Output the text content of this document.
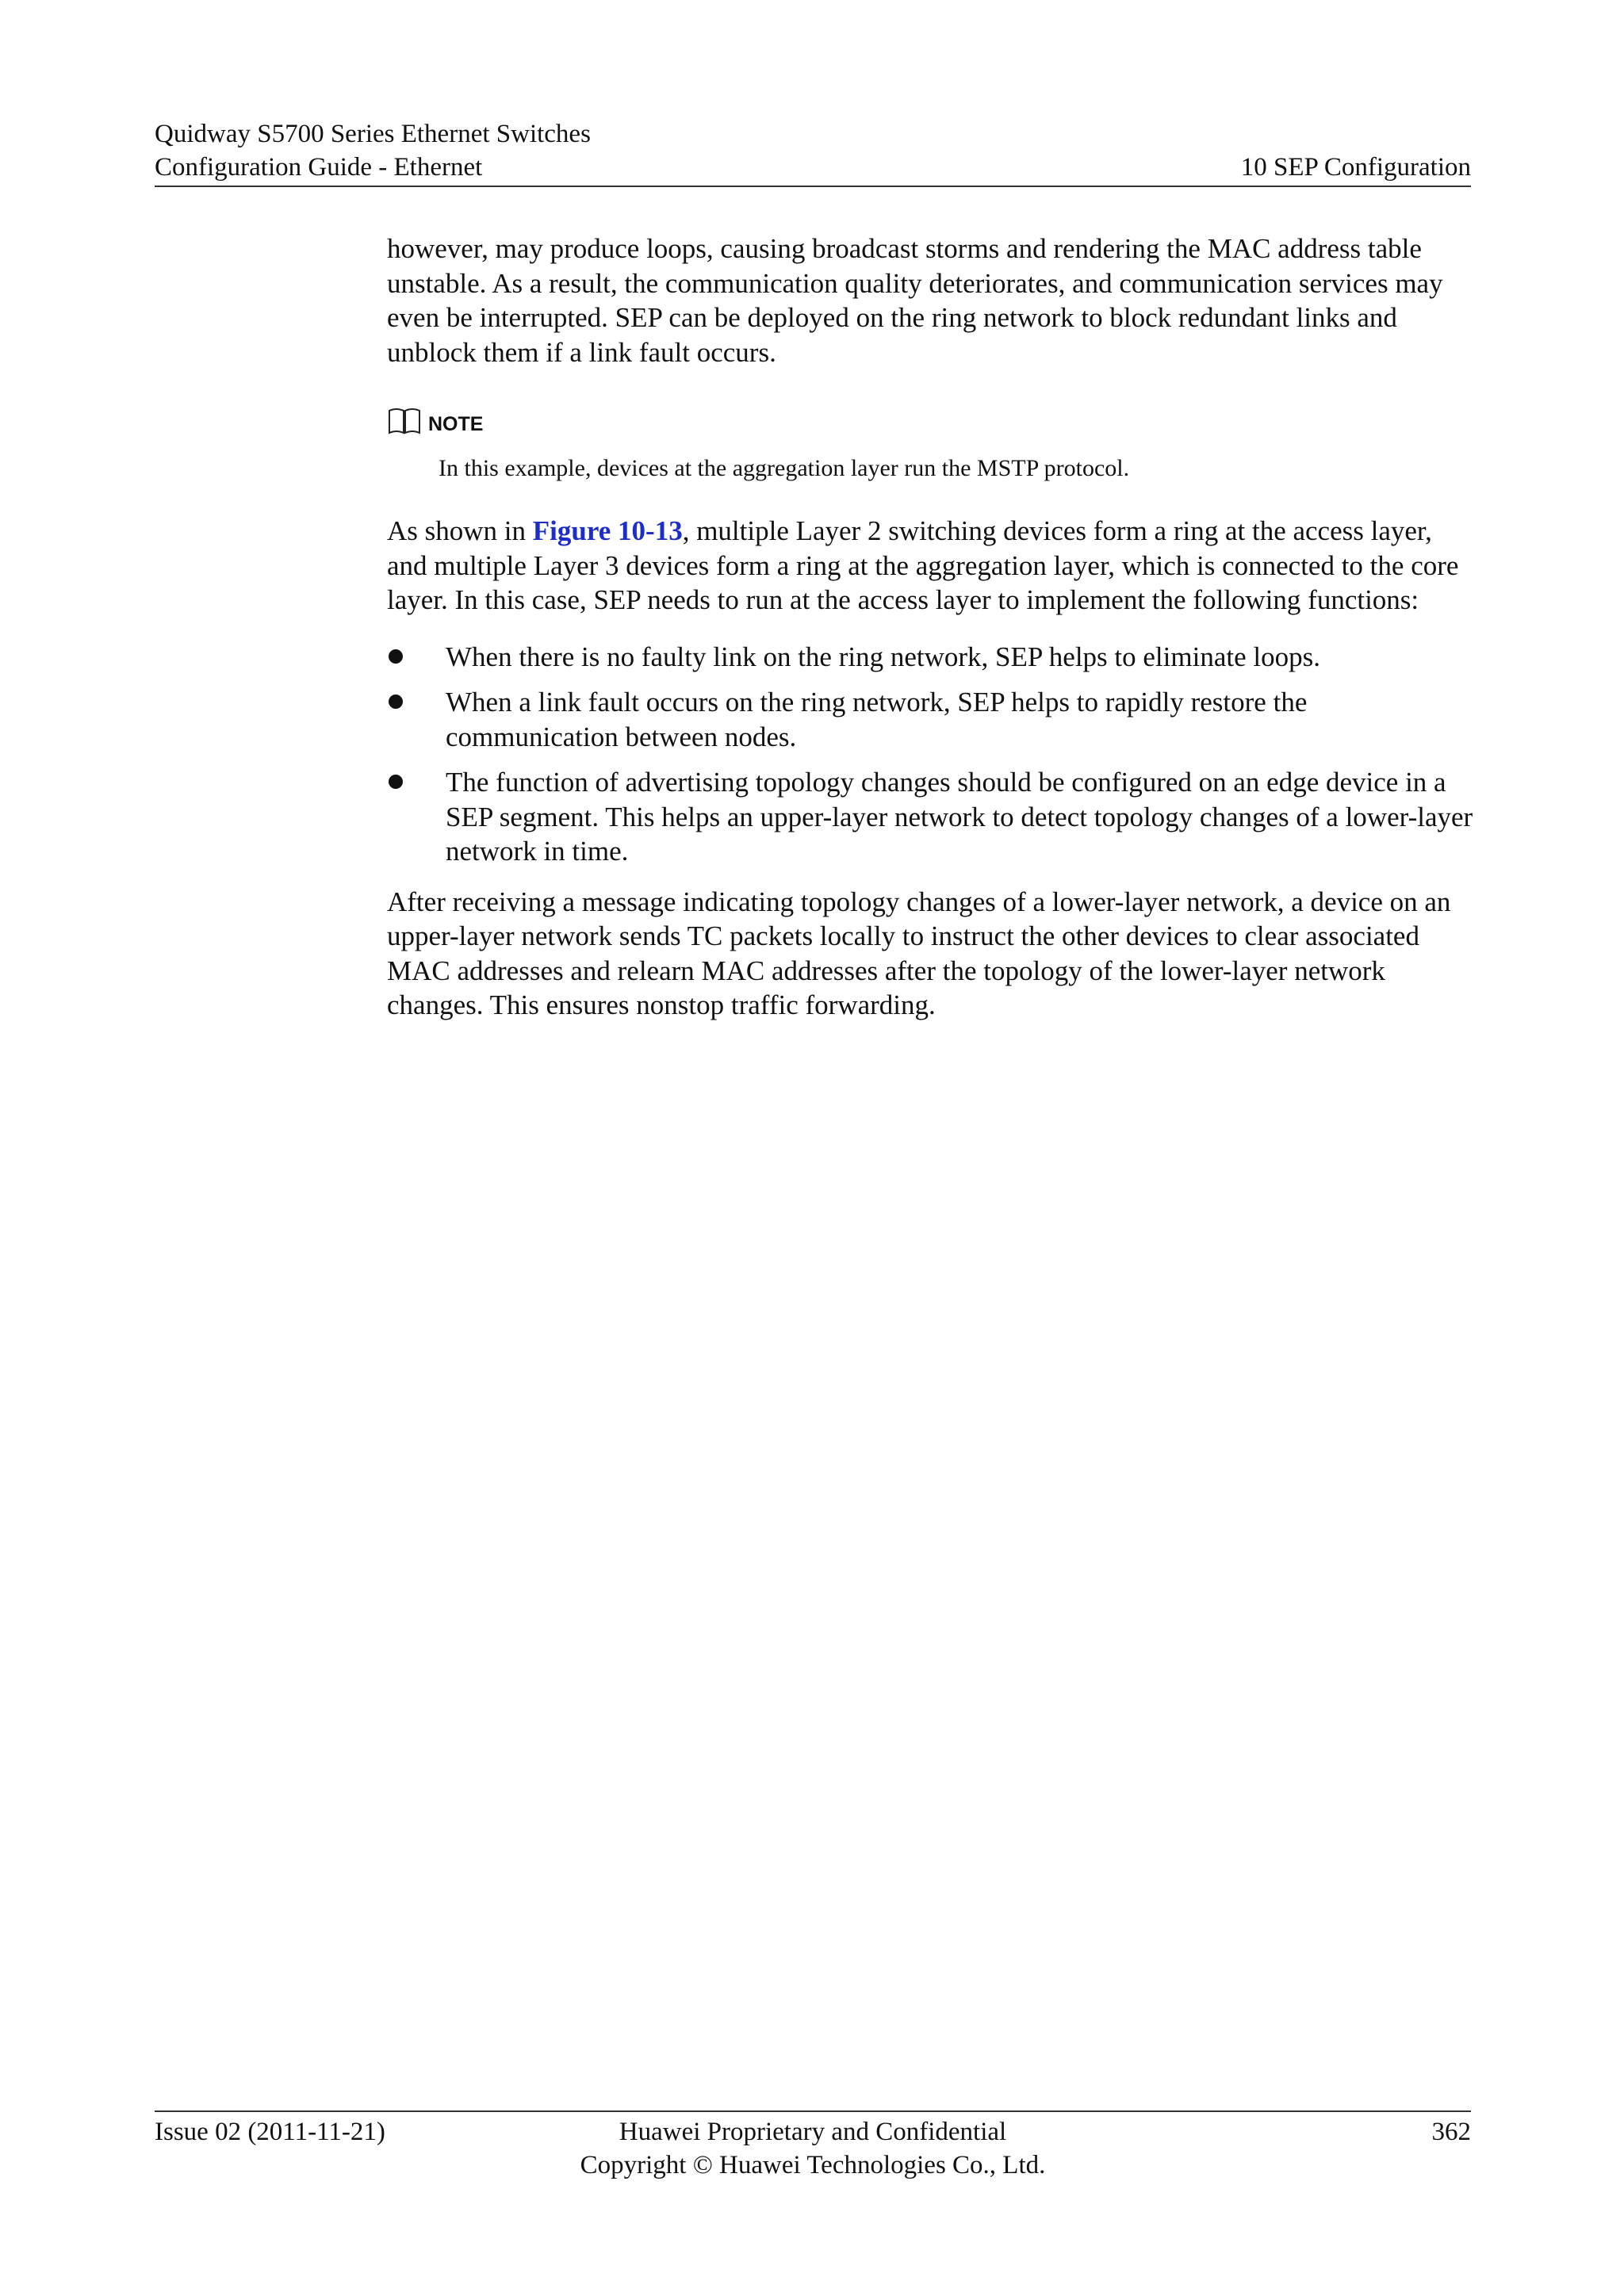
Quidway S5700 Series Ethernet Switches
Configuration Guide - Ethernet	10 SEP Configuration

however, may produce loops, causing broadcast storms and rendering the MAC address table unstable. As a result, the communication quality deteriorates, and communication services may even be interrupted. SEP can be deployed on the ring network to block redundant links and unblock them if a link fault occurs.

NOTE
In this example, devices at the aggregation layer run the MSTP protocol.

As shown in Figure 10-13, multiple Layer 2 switching devices form a ring at the access layer, and multiple Layer 3 devices form a ring at the aggregation layer, which is connected to the core layer. In this case, SEP needs to run at the access layer to implement the following functions:

When there is no faulty link on the ring network, SEP helps to eliminate loops.
When a link fault occurs on the ring network, SEP helps to rapidly restore the communication between nodes.
The function of advertising topology changes should be configured on an edge device in a SEP segment. This helps an upper-layer network to detect topology changes of a lower-layer network in time.

After receiving a message indicating topology changes of a lower-layer network, a device on an upper-layer network sends TC packets locally to instruct the other devices to clear associated MAC addresses and relearn MAC addresses after the topology of the lower-layer network changes. This ensures nonstop traffic forwarding.

Issue 02 (2011-11-21)	Huawei Proprietary and Confidential
Copyright © Huawei Technologies Co., Ltd.
362
